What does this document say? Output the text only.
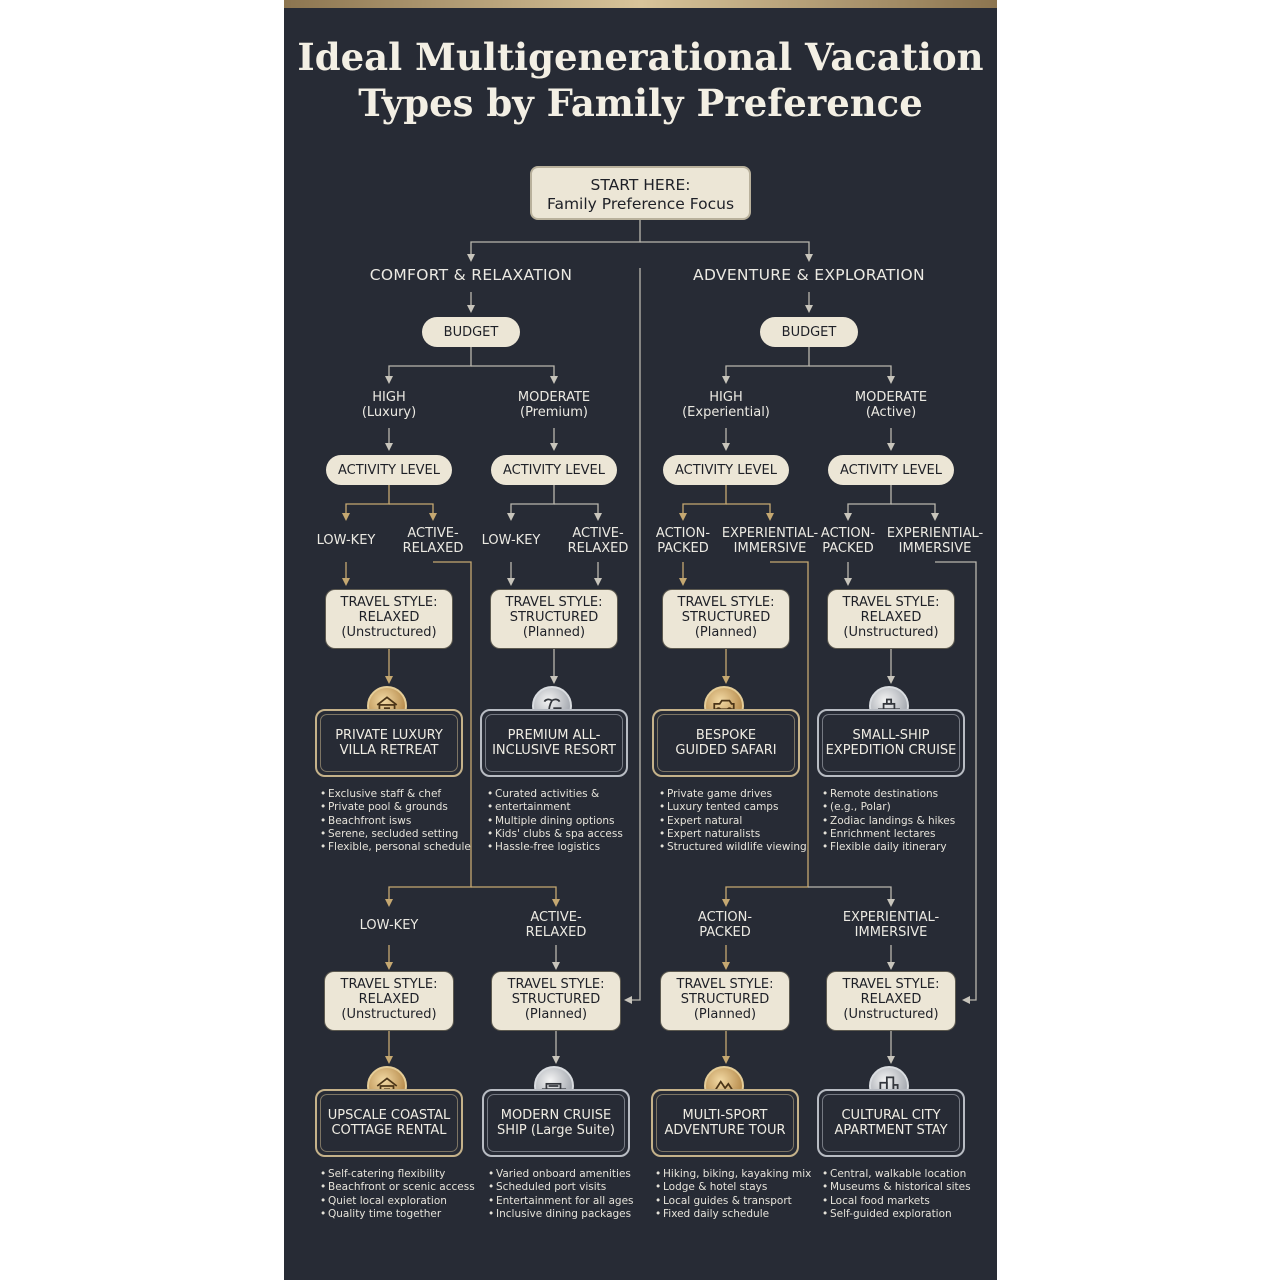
Ideal Multigenerational Vacation
Types by Family Preference
START HERE:
Family Preference Focus
COMFORT & RELAXATION	ADVENTURE & EXPLORATION
BUDGET	BUDGET
HIGH
(Luxury)
MODERATE
(Premium)
HIGH
(Experiential)
MODERATE
(Active)
ACTIVITY LEVEL	ACTIVITY LEVEL	ACTIVITY LEVEL	ACTIVITY LEVEL
LOW-KEY	ACTIVE-
RELAXED
LOW-KEY	ACTIVE-
RELAXED
ACTION-
PACKED
EXPERIENTIAL-
IMMERSIVE
ACTION-
PACKED
EXPERIENTIAL-
IMMERSIVE
TRAVEL STYLE:
RELAXED
(Unstructured)
TRAVEL STYLE:
STRUCTURED
(Planned)
TRAVEL STYLE:
STRUCTURED
(Planned)
TRAVEL STYLE:
RELAXED
(Unstructured)
PRIVATE LUXURY
VILLA RETREAT
PREMIUM ALL-
INCLUSIVE RESORT
BESPOKE
GUIDED SAFARI
SMALL-SHIP
EXPEDITION CRUISE
• Exclusive staff & chef
• Private pool & grounds
• Beachfront isws
• Serene, secluded setting
• Flexible, personal schedule
• Curated activities &
• entertainment
• Multiple dining options
• Kids' clubs & spa access
• Hassle-free logistics
• Private game drives
• Luxury tented camps
• Expert natural
• Expert naturalists
• Structured wildlife viewing
• Remote destinations
• (e.g., Polar)
• Zodiac landings & hikes
• Enrichment lectares
• Flexible daily itinerary
LOW-KEY
ACTIVE-
RELAXED
ACTION-
PACKED
EXPERIENTIAL-
IMMERSIVE
TRAVEL STYLE:
RELAXED
(Unstructured)
TRAVEL STYLE:
STRUCTURED
(Planned)
TRAVEL STYLE:
STRUCTURED
(Planned)
TRAVEL STYLE:
RELAXED
(Unstructured)
UPSCALE COASTAL
COTTAGE RENTAL
MODERN CRUISE
SHIP (Large Suite)
MULTI-SPORT
ADVENTURE TOUR
CULTURAL CITY
APARTMENT STAY
• Self-catering flexibility
• Beachfront or scenic access
• Quiet local exploration
• Quality time together
• Varied onboard amenities
• Scheduled port visits
• Entertainment for all ages
• Inclusive dining packages
• Hiking, biking, kayaking mix
• Lodge & hotel stays
• Local guides & transport
• Fixed daily schedule
• Central, walkable location
• Museums & historical sites
• Local food markets
• Self-guided exploration
